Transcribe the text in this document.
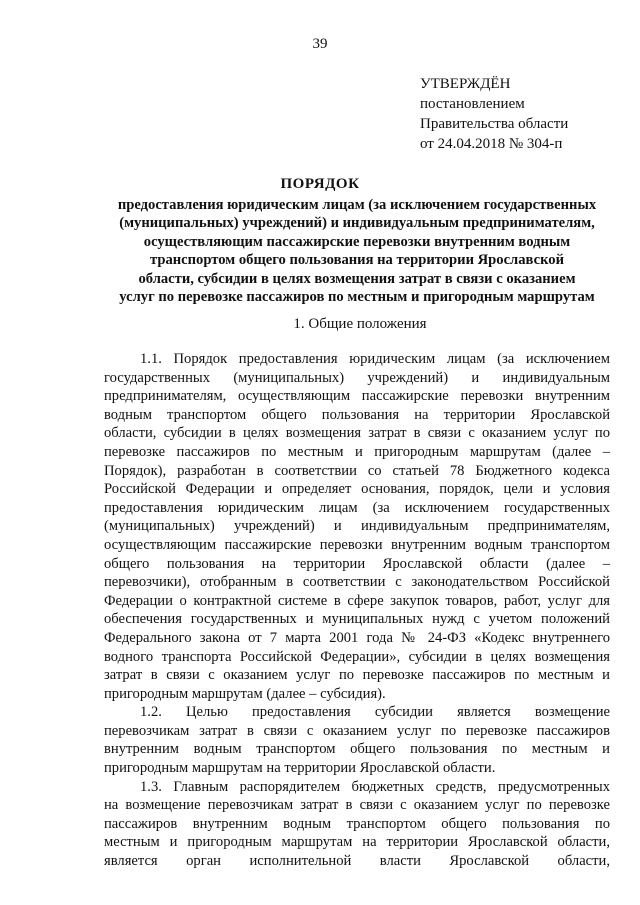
39
УТВЕРЖДЁН
постановлением
Правительства области
от 24.04.2018 № 304-п
ПОРЯДОК
предоставления юридическим лицам (за исключением государственных
(муниципальных) учреждений) и индивидуальным предпринимателям,
осуществляющим пассажирские перевозки внутренним водным
транспортом общего пользования на территории Ярославской
области, субсидии в целях возмещения затрат в связи с оказанием
услуг по перевозке пассажиров по местным и пригородным маршрутам
1. Общие положения
1.1. Порядок предоставления юридическим лицам (за исключением
государственных (муниципальных) учреждений) и индивидуальным
предпринимателям, осуществляющим пассажирские перевозки внутренним
водным транспортом общего пользования на территории Ярославской
области, субсидии в целях возмещения затрат в связи с оказанием услуг по
перевозке пассажиров по местным и пригородным маршрутам (далее –
Порядок), разработан в соответствии со статьей 78 Бюджетного кодекса
Российской Федерации и определяет основания, порядок, цели и условия
предоставления юридическим лицам (за исключением государственных
(муниципальных) учреждений) и индивидуальным предпринимателям,
осуществляющим пассажирские перевозки внутренним водным транспортом
общего пользования на территории Ярославской области (далее –
перевозчики), отобранным в соответствии с законодательством Российской
Федерации о контрактной системе в сфере закупок товаров, работ, услуг для
обеспечения государственных и муниципальных нужд с учетом положений
Федерального закона от 7 марта 2001 года № 24-ФЗ «Кодекс внутреннего
водного транспорта Российской Федерации», субсидии в целях возмещения
затрат в связи с оказанием услуг по перевозке пассажиров по местным и
пригородным маршрутам (далее – субсидия).
1.2. Целью предоставления субсидии является возмещение
перевозчикам затрат в связи с оказанием услуг по перевозке пассажиров
внутренним водным транспортом общего пользования по местным и
пригородным маршрутам на территории Ярославской области.
1.3. Главным распорядителем бюджетных средств, предусмотренных
на возмещение перевозчикам затрат в связи с оказанием услуг по перевозке
пассажиров внутренним водным транспортом общего пользования по
местным и пригородным маршрутам на территории Ярославской области,
является орган исполнительной власти Ярославской области,
